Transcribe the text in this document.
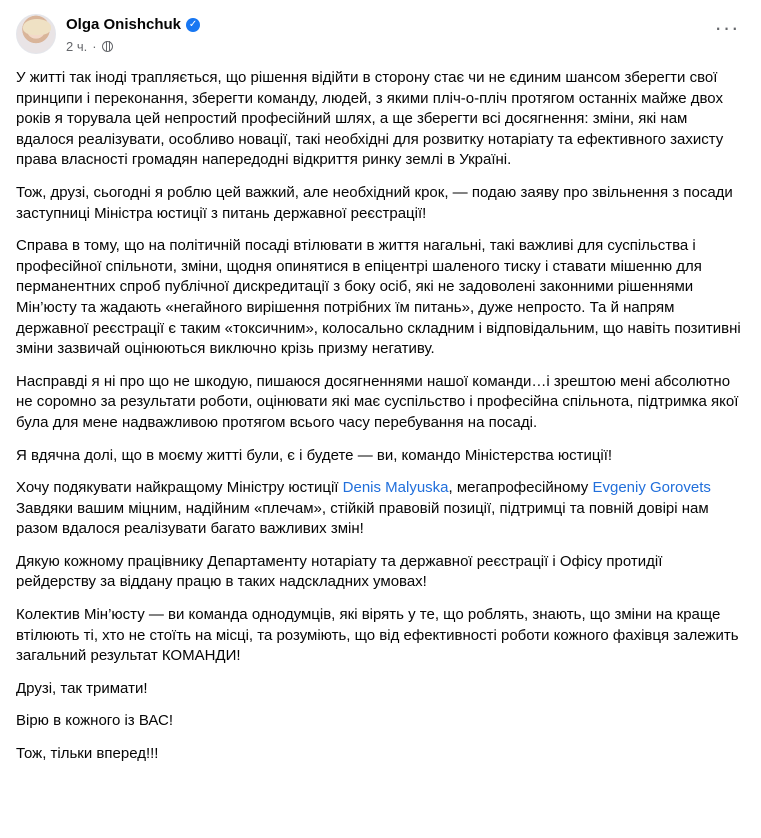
Olga Onishchuk ✓
2 ч. ·
···

У житті так іноді трапляється, що рішення відійти в сторону стає чи не єдиним шансом зберегти свої принципи і переконання, зберегти команду, людей, з якими пліч-о-пліч протягом останніх майже двох років я торувала цей непростий професійний шлях, а ще зберегти всі досягнення: зміни, які нам вдалося реалізувати, особливо новації, такі необхідні для розвитку нотаріату та ефективного захисту права власності громадян напередодні відкриття ринку землі в Україні.

Тож, друзі, сьогодні я роблю цей важкий, але необхідний крок, — подаю заяву про звільнення з посади заступниці Міністра юстиції з питань державної реєстрації!

Справа в тому, що на політичній посаді втілювати в життя нагальні, такі важливі для суспільства і професійної спільноти, зміни, щодня опинятися в епіцентрі шаленого тиску і ставати мішенню для перманентних спроб публічної дискредитації з боку осіб, які не задоволені законними рішеннями Мін’юсту та жадають «негайного вирішення потрібних їм питань», дуже непросто. Та й напрям державної реєстрації є таким «токсичним», колосально складним і відповідальним, що навіть позитивні зміни зазвичай оцінюються виключно крізь призму негативу.

Насправді я ні про що не шкодую, пишаюся досягненнями нашої команди…і зрештою мені абсолютно не соромно за результати роботи, оцінювати які має суспільство і професійна спільнота, підтримка якої була для мене надважливою протягом всього часу перебування на посаді.

Я вдячна долі, що в моєму житті були, є і будете — ви, командо Міністерства юстиції!

Хочу подякувати найкращому Міністру юстиції Denis Malyuska, мегапрофесійному Evgeniy Gorovets Завдяки вашим міцним, надійним «плечам», стійкій правовій позиції, підтримці та повній довірі нам разом вдалося реалізувати багато важливих змін!

Дякую кожному працівнику Департаменту нотаріату та державної реєстрації і Офісу протидії рейдерству за віддану працю в таких надскладних умовах!

Колектив Мін’юсту — ви команда однодумців, які вірять у те, що роблять, знають, що зміни на краще втілюють ті, хто не стоїть на місці, та розуміють, що від ефективності роботи кожного фахівця залежить загальний результат КОМАНДИ!

Друзі, так тримати!

Вірю в кожного із ВАС!

Тож, тільки вперед!!!
